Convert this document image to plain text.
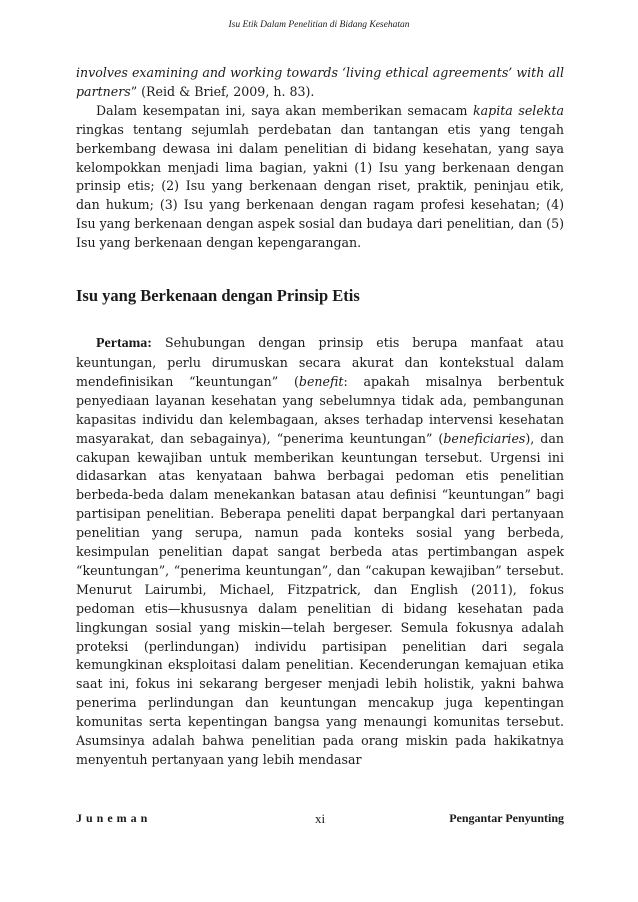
Isu Etik Dalam Penelitian di Bidang Kesehatan

involves examining and working towards ‘living ethical agreements’ with all partners” (Reid & Brief, 2009, h. 83).

Dalam kesempatan ini, saya akan memberikan semacam kapita selekta ringkas tentang sejumlah perdebatan dan tantangan etis yang tengah berkembang dewasa ini dalam penelitian di bidang kesehatan, yang saya kelompokkan menjadi lima bagian, yakni (1) Isu yang berkenaan dengan prinsip etis; (2) Isu yang berkenaan dengan riset, praktik, peninjau etik, dan hukum; (3) Isu yang berkenaan dengan ragam profesi kesehatan; (4) Isu yang berkenaan dengan aspek sosial dan budaya dari penelitian, dan (5) Isu yang berkenaan dengan kepengarangan.

Isu yang Berkenaan dengan Prinsip Etis

Pertama: Sehubungan dengan prinsip etis berupa manfaat atau keuntungan, perlu dirumuskan secara akurat dan kontekstual dalam mendefinisikan “keuntungan” (benefit: apakah misalnya berbentuk penyediaan layanan kesehatan yang sebelumnya tidak ada, pembangunan kapasitas individu dan kelembagaan, akses terhadap intervensi kesehatan masyarakat, dan sebagainya), “penerima keuntungan” (beneficiaries), dan cakupan kewajiban untuk memberikan keuntungan tersebut. Urgensi ini didasarkan atas kenyataan bahwa berbagai pedoman etis penelitian berbeda-beda dalam menekankan batasan atau definisi “keuntungan” bagi partisipan penelitian. Beberapa peneliti dapat berpangkal dari pertanyaan penelitian yang serupa, namun pada konteks sosial yang berbeda, kesimpulan penelitian dapat sangat berbeda atas pertimbangan aspek “keuntungan”, “penerima keuntungan”, dan “cakupan kewajiban” tersebut. Menurut Lairumbi, Michael, Fitzpatrick, dan English (2011), fokus pedoman etis—khususnya dalam penelitian di bidang kesehatan pada lingkungan sosial yang miskin—telah bergeser. Semula fokusnya adalah proteksi (perlindungan) individu partisipan penelitian dari segala kemungkinan eksploitasi dalam penelitian. Kecenderungan kemajuan etika saat ini, fokus ini sekarang bergeser menjadi lebih holistik, yakni bahwa penerima perlindungan dan keuntungan mencakup juga kepentingan komunitas serta kepentingan bangsa yang menaungi komunitas tersebut. Asumsinya adalah bahwa penelitian pada orang miskin pada hakikatnya menyentuh pertanyaan yang lebih mendasar

Juneman	xi	Pengantar Penyunting
